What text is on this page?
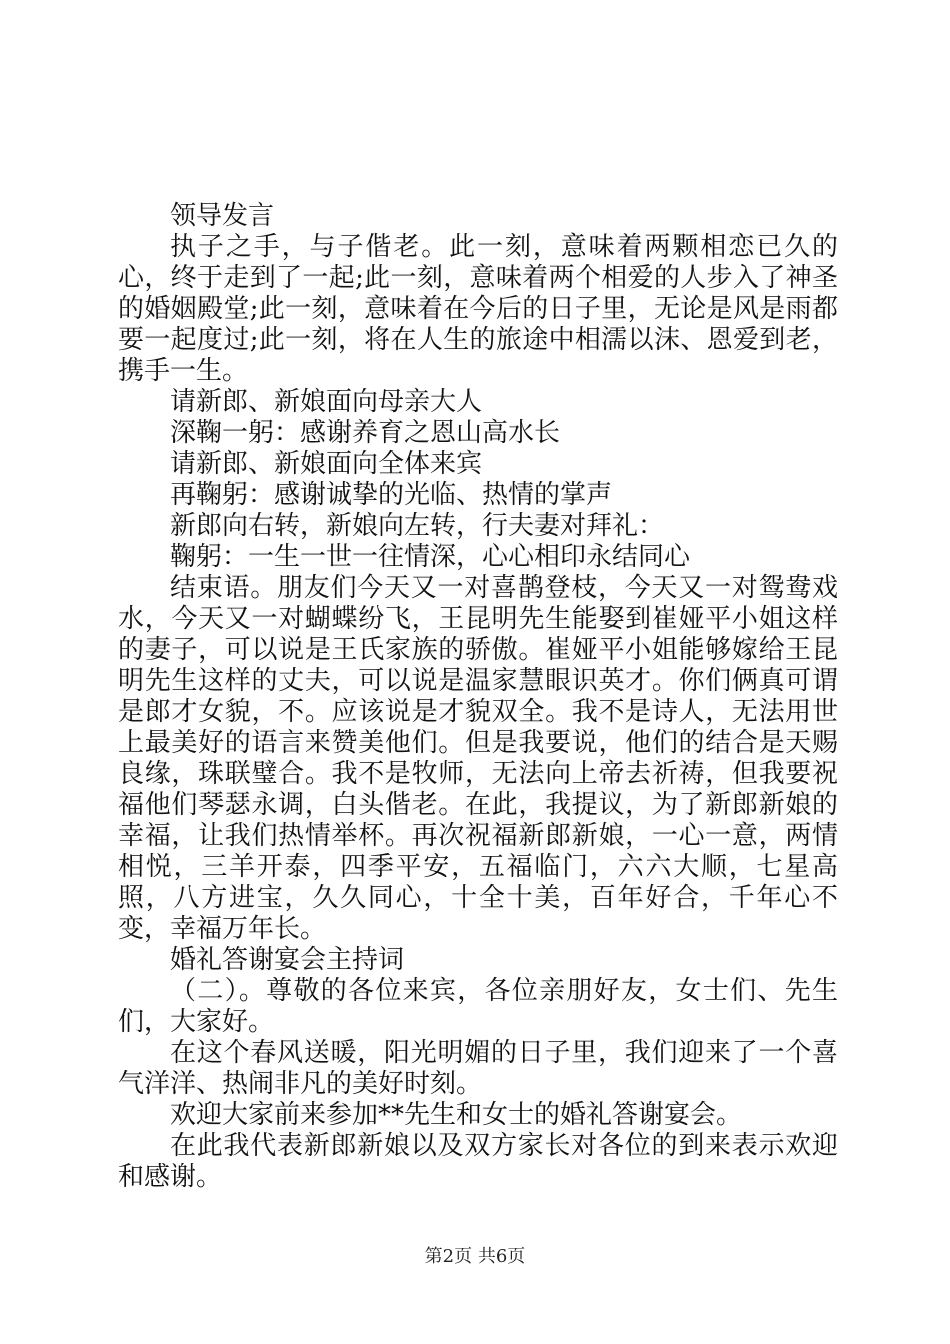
领导发言

执子之手，与子偕老。此一刻，意味着两颗相恋已久的心，终于走到了一起;此一刻，意味着两个相爱的人步入了神圣的婚姻殿堂;此一刻，意味着在今后的日子里，无论是风是雨都要一起度过;此一刻，将在人生的旅途中相濡以沫、恩爱到老，携手一生。

请新郎、新娘面向母亲大人

深鞠一躬：感谢养育之恩山高水长

请新郎、新娘面向全体来宾

再鞠躬：感谢诚挚的光临、热情的掌声

新郎向右转，新娘向左转，行夫妻对拜礼：

鞠躬：一生一世一往情深，心心相印永结同心

结束语。朋友们今天又一对喜鹊登枝，今天又一对鸳鸯戏水，今天又一对蝴蝶纷飞，王昆明先生能娶到崔娅平小姐这样的妻子，可以说是王氏家族的骄傲。崔娅平小姐能够嫁给王昆明先生这样的丈夫，可以说是温家慧眼识英才。你们俩真可谓是郎才女貌，不。应该说是才貌双全。我不是诗人，无法用世上最美好的语言来赞美他们。但是我要说，他们的结合是天赐良缘，珠联璧合。我不是牧师，无法向上帝去祈祷，但我要祝福他们琴瑟永调，白头偕老。在此，我提议，为了新郎新娘的幸福，让我们热情举杯。再次祝福新郎新娘，一心一意，两情相悦，三羊开泰，四季平安，五福临门，六六大顺，七星高照，八方进宝，久久同心，十全十美，百年好合，千年心不变，幸福万年长。

婚礼答谢宴会主持词

（二）。尊敬的各位来宾，各位亲朋好友，女士们、先生们，大家好。

在这个春风送暖，阳光明媚的日子里，我们迎来了一个喜气洋洋、热闹非凡的美好时刻。

欢迎大家前来参加**先生和女士的婚礼答谢宴会。

在此我代表新郎新娘以及双方家长对各位的到来表示欢迎和感谢。

第2页 共6页
